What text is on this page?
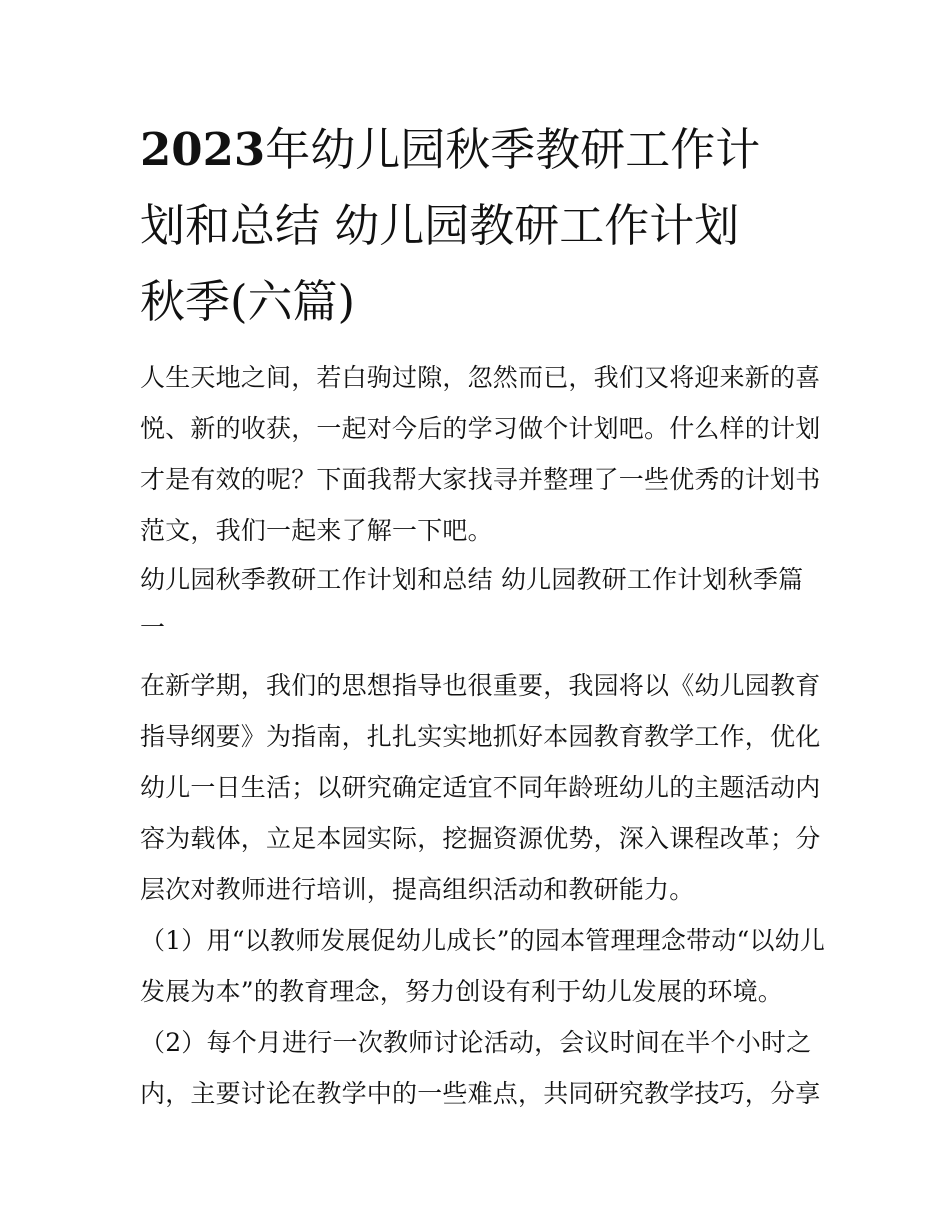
2023年幼儿园秋季教研工作计
划和总结 幼儿园教研工作计划
秋季(六篇)
人生天地之间，若白驹过隙，忽然而已，我们又将迎来新的喜
悦、新的收获，一起对今后的学习做个计划吧。什么样的计划
才是有效的呢？下面我帮大家找寻并整理了一些优秀的计划书
范文，我们一起来了解一下吧。
幼儿园秋季教研工作计划和总结 幼儿园教研工作计划秋季篇
一
在新学期，我们的思想指导也很重要，我园将以《幼儿园教育
指导纲要》为指南，扎扎实实地抓好本园教育教学工作，优化
幼儿一日生活；以研究确定适宜不同年龄班幼儿的主题活动内
容为载体，立足本园实际，挖掘资源优势，深入课程改革；分
层次对教师进行培训，提高组织活动和教研能力。
（1）用“以教师发展促幼儿成长”的园本管理理念带动“以幼儿
发展为本”的教育理念，努力创设有利于幼儿发展的环境。
（2）每个月进行一次教师讨论活动，会议时间在半个小时之
内，主要讨论在教学中的一些难点，共同研究教学技巧，分享
